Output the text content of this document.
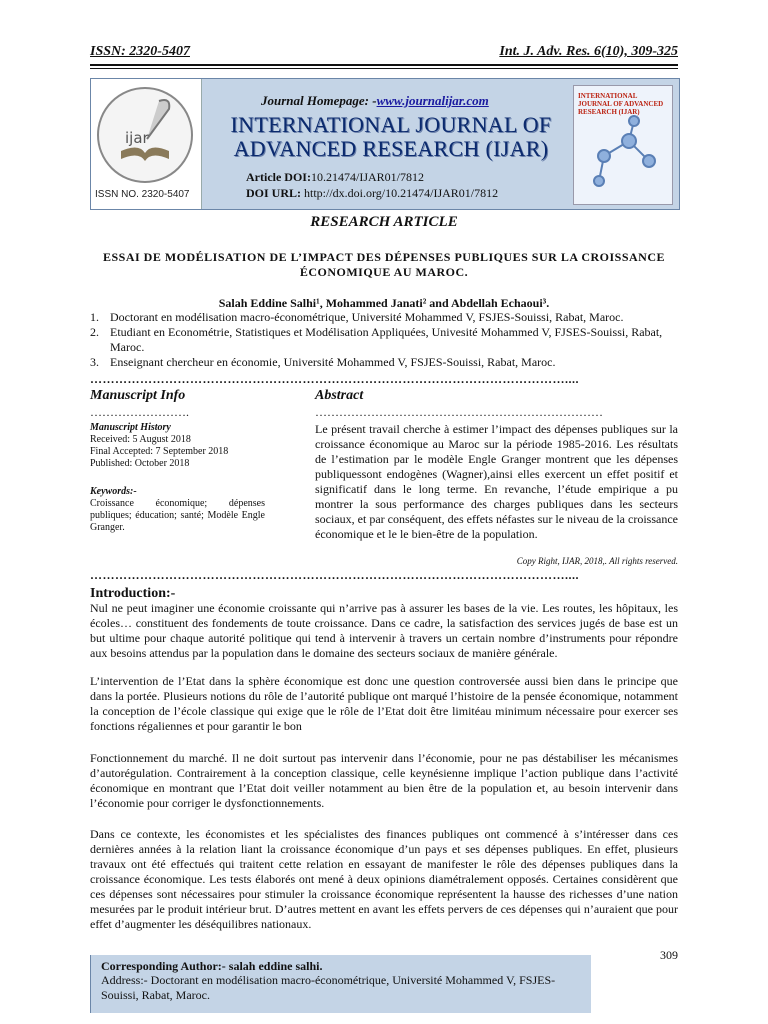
ISSN: 2320-5407	Int. J. Adv. Res. 6(10), 309-325
ijar
ISSN NO. 2320-5407
Journal Homepage: -www.journalijar.com
INTERNATIONAL JOURNAL OF
ADVANCED RESEARCH (IJAR)
Article DOI:10.21474/IJAR01/7812
DOI URL: http://dx.doi.org/10.21474/IJAR01/7812
INTERNATIONAL JOURNAL OF ADVANCED RESEARCH (IJAR)
RESEARCH ARTICLE
ESSAI DE MODÉLISATION DE L’IMPACT DES DÉPENSES PUBLIQUES SUR LA CROISSANCE
ÉCONOMIQUE AU MAROC.
Salah Eddine Salhi¹, Mohammed Janati² and Abdellah Echaoui³.
1. Doctorant en modélisation macro-économétrique, Université Mohammed V, FSJES-Souissi, Rabat, Maroc.
2. Etudiant en Econométrie, Statistiques et Modélisation Appliquées, Univesité Mohammed V, FJSES-Souissi, Rabat, Maroc.
3. Enseignant chercheur en économie, Université Mohammed V, FSJES-Souissi, Rabat, Maroc.
……………………………………………………………………………………………………....
Manuscript Info	Abstract
…………………….	………………………………………………………………
Manuscript History
Received: 5 August 2018
Final Accepted: 7 September 2018
Published: October 2018
Keywords:-
Croissance économique; dépenses publiques; éducation; santé; Modèle Engle Granger.
Le présent travail cherche à estimer l’impact des dépenses publiques sur la croissance économique au Maroc sur la période 1985-2016. Les résultats de l’estimation par le modèle Engle Granger montrent que les dépenses publiquessont endogènes (Wagner),ainsi elles exercent un effet positif et significatif dans le long terme. En revanche, l’étude empirique a pu montrer la sous performance des charges publiques dans les secteurs sociaux, et par conséquent, des effets néfastes sur le niveau de la croissance économique et le le bien-être de la population.
Copy Right, IJAR, 2018,. All rights reserved.
……………………………………………………………………………………………………....
Introduction:-
Nul ne peut imaginer une économie croissante qui n’arrive pas à assurer les bases de la vie. Les routes, les hôpitaux, les écoles… constituent des fondements de toute croissance. Dans ce cadre, la satisfaction des services jugés de base est un but ultime pour chaque autorité politique qui tend à intervenir à travers un certain nombre d’instruments pour répondre aux besoins attendus par la population dans le domaine des secteurs sociaux de manière générale.
L’intervention de l’Etat dans la sphère économique est donc une question controversée aussi bien dans le principe que dans la portée. Plusieurs notions du rôle de l’autorité publique ont marqué l’histoire de la pensée économique, notamment la conception de l’école classique qui exige que le rôle de l’Etat doit être limitéau minimum nécessaire pour exercer ses fonctions régaliennes et pour garantir le bon
Fonctionnement du marché. Il ne doit surtout pas intervenir dans l’économie, pour ne pas déstabiliser les mécanismes d’autorégulation. Contrairement à la conception classique, celle keynésienne implique l’action publique dans l’activité économique en montrant que l’Etat doit veiller notamment au bien être de la population et, au besoin intervenir dans l’économie pour corriger le dysfonctionnements.
Dans ce contexte, les économistes et les spécialistes des finances publiques ont commencé à s’intéresser dans ces dernières années à la relation liant la croissance économique d’un pays et ses dépenses publiques. En effet, plusieurs travaux ont été effectués qui traitent cette relation en essayant de manifester le rôle des dépenses publiques dans la croissance économique. Les tests élaborés ont mené à deux opinions diamétralement opposés. Certaines considèrent que ces dépenses sont nécessaires pour stimuler la croissance économique représentent la hausse des richesses d’une nation mesurées par le produit intérieur brut. D’autres mettent en avant les effets pervers de ces dépenses qui n’auraient que pour effet d’augmenter les déséquilibres nationaux.
309
Corresponding Author:- salah eddine salhi.
Address:- Doctorant en modélisation macro-économétrique, Université Mohammed V, FSJES-Souissi, Rabat, Maroc.
